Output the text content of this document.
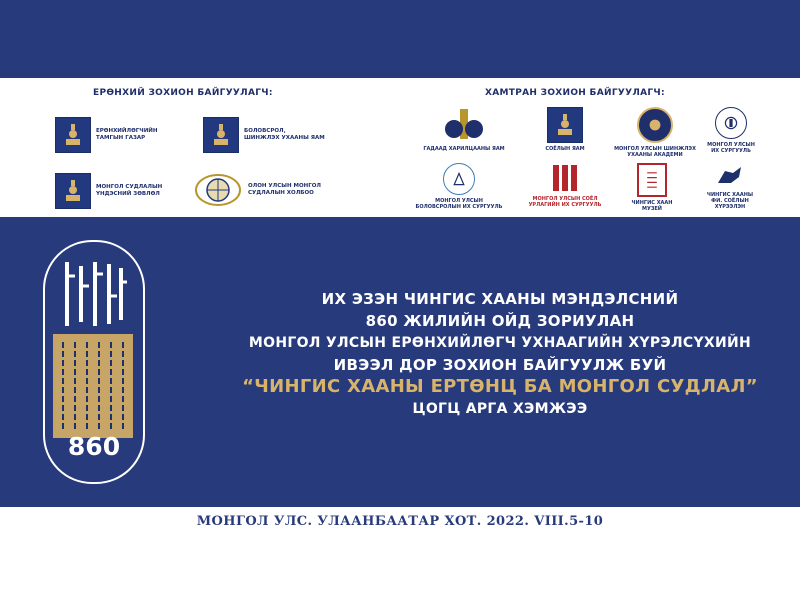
ЕРӨНХИЙ ЗОХИОН БАЙГУУЛАГЧ:	ХАМТРАН ЗОХИОН БАЙГУУЛАГЧ:
ЕРӨНХИЙЛӨГЧИЙН
ТАМГЫН ГАЗАР
БОЛОВСРОЛ,
ШИНЖЛЭХ УХААНЫ ЯАМ
МОНГОЛ СУДЛАЛЫН
ҮНДЭСНИЙ ЗӨВЛӨЛ
ОЛОН УЛСЫН МОНГОЛ
СУДЛАЛЫН ХОЛБОО
ГАДААД ХАРИЛЦААНЫ ЯАМ	СОЁЛЫН ЯАМ	МОНГОЛ УЛСЫН ШИНЖЛЭХ
УХААНЫ АКАДЕМИ
МОНГОЛ УЛСЫН
ИХ СУРГУУЛЬ
МОНГОЛ УЛСЫН
БОЛОВСРОЛЫН ИХ СУРГУУЛЬ
МОНГОЛ УЛСЫН СОЁЛ
УРЛАГИЙН ИХ СУРГУУЛЬ	ЧИНГИС ХААН
МУЗЕЙ
ЧИНГИС ХААНЫ
ФИ. СОЁЛЫН
ХҮРЭЭЛЭН
860
ИХ ЭЗЭН ЧИНГИС ХААНЫ МЭНДЭЛСНИЙ
860 ЖИЛИЙН ОЙД ЗОРИУЛАН
МОНГОЛ УЛСЫН ЕРӨНХИЙЛӨГЧ УХНААГИЙН ХҮРЭЛСҮХИЙН
ИВЭЭЛ ДОР ЗОХИОН БАЙГУУЛЖ БУЙ
“ЧИНГИС ХААНЫ ЕРТӨНЦ БА МОНГОЛ СУДЛАЛ”
ЦОГЦ АРГА ХЭМЖЭЭ
МОНГОЛ УЛС. УЛААНБААТАР ХОТ. 2022. VIII.5-10
